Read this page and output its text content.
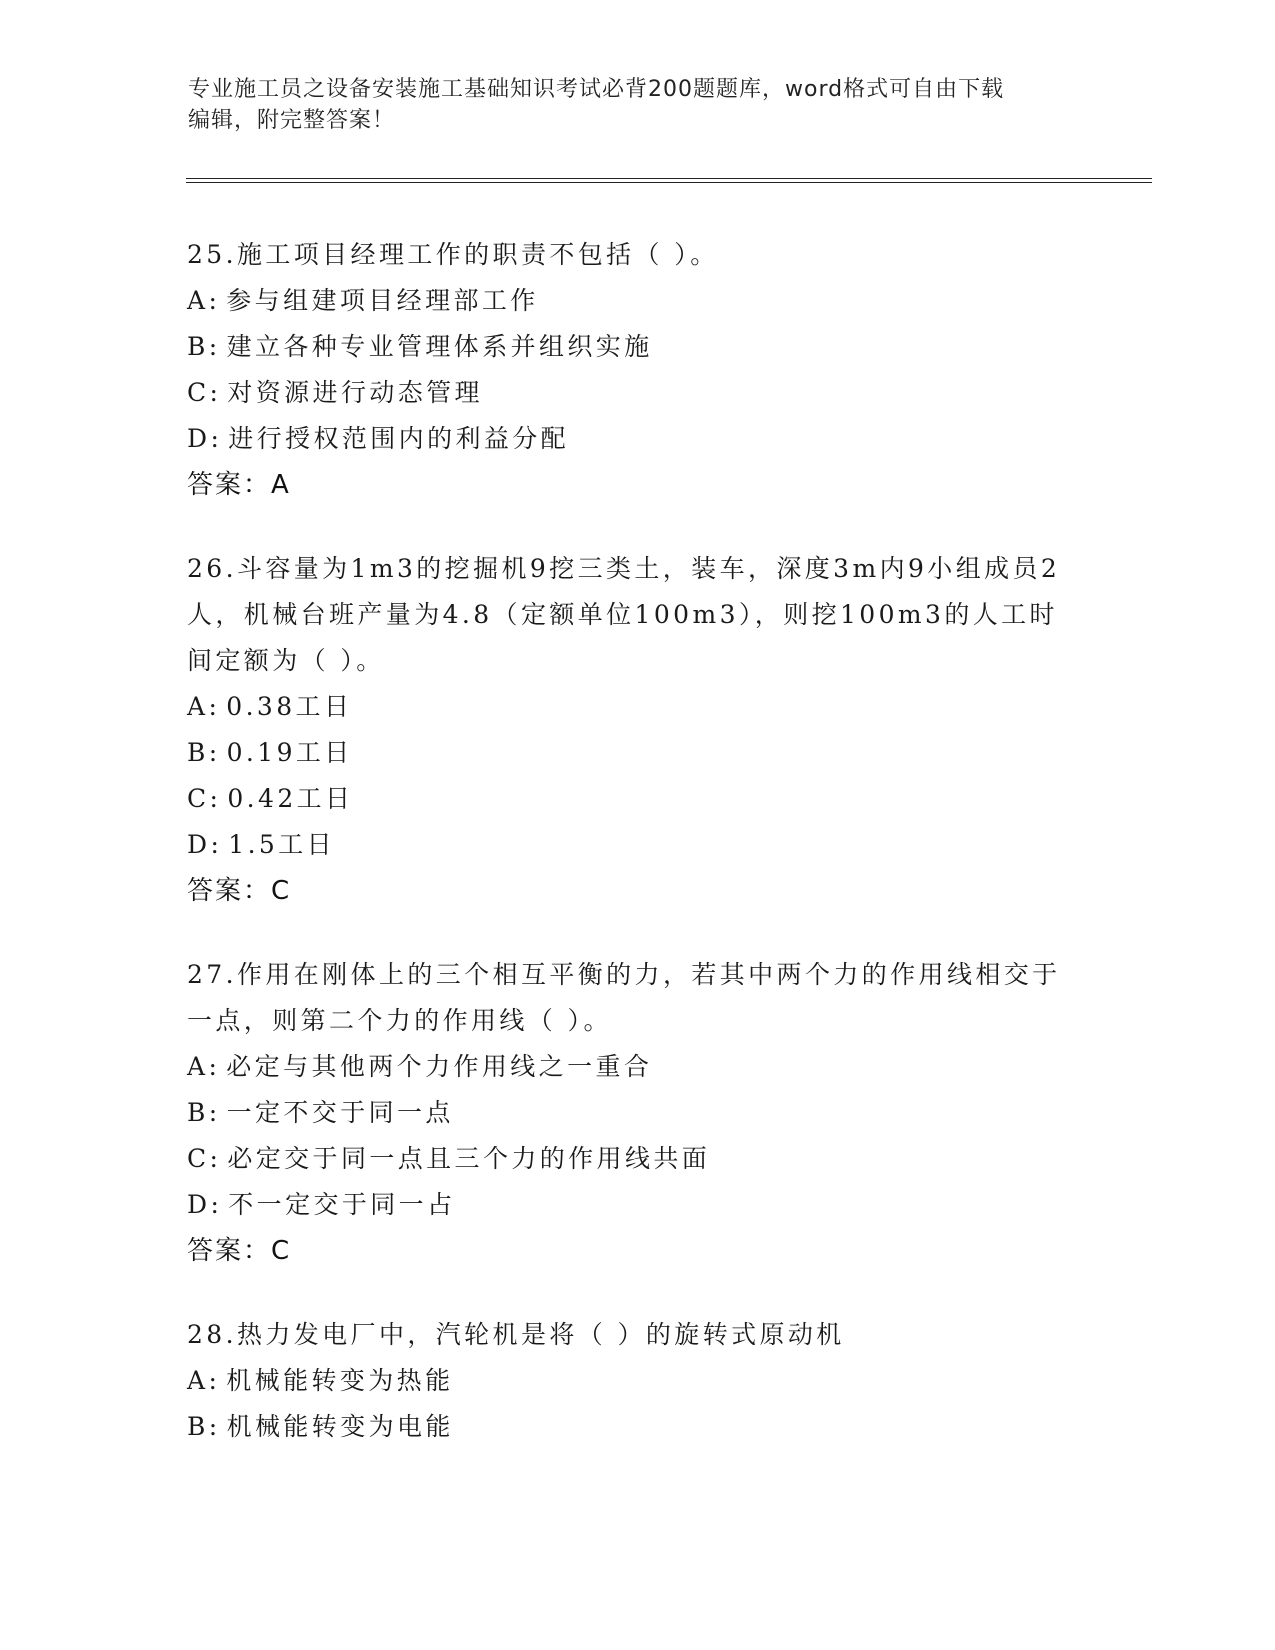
专业施工员之设备安装施工基础知识考试必背200题题库，word格式可自由下载
编辑，附完整答案！
25.施工项目经理工作的职责不包括（ ）。
A: 参与组建项目经理部工作
B: 建立各种专业管理体系并组织实施
C: 对资源进行动态管理
D: 进行授权范围内的利益分配
答案：A
26.斗容量为1m3的挖掘机9挖三类土，装车，深度3m内9小组成员2人，机械台班产量为4.8（定额单位100m3），则挖100m3的人工时间定额为（ ）。
A: 0.38工日
B: 0.19工日
C: 0.42工日
D: 1.5工日
答案：C
27.作用在刚体上的三个相互平衡的力，若其中两个力的作用线相交于一点，则第二个力的作用线（ ）。
A: 必定与其他两个力作用线之一重合
B: 一定不交于同一点
C: 必定交于同一点且三个力的作用线共面
D: 不一定交于同一占
答案：C
28.热力发电厂中，汽轮机是将（ ）的旋转式原动机
A: 机械能转变为热能
B: 机械能转变为电能
